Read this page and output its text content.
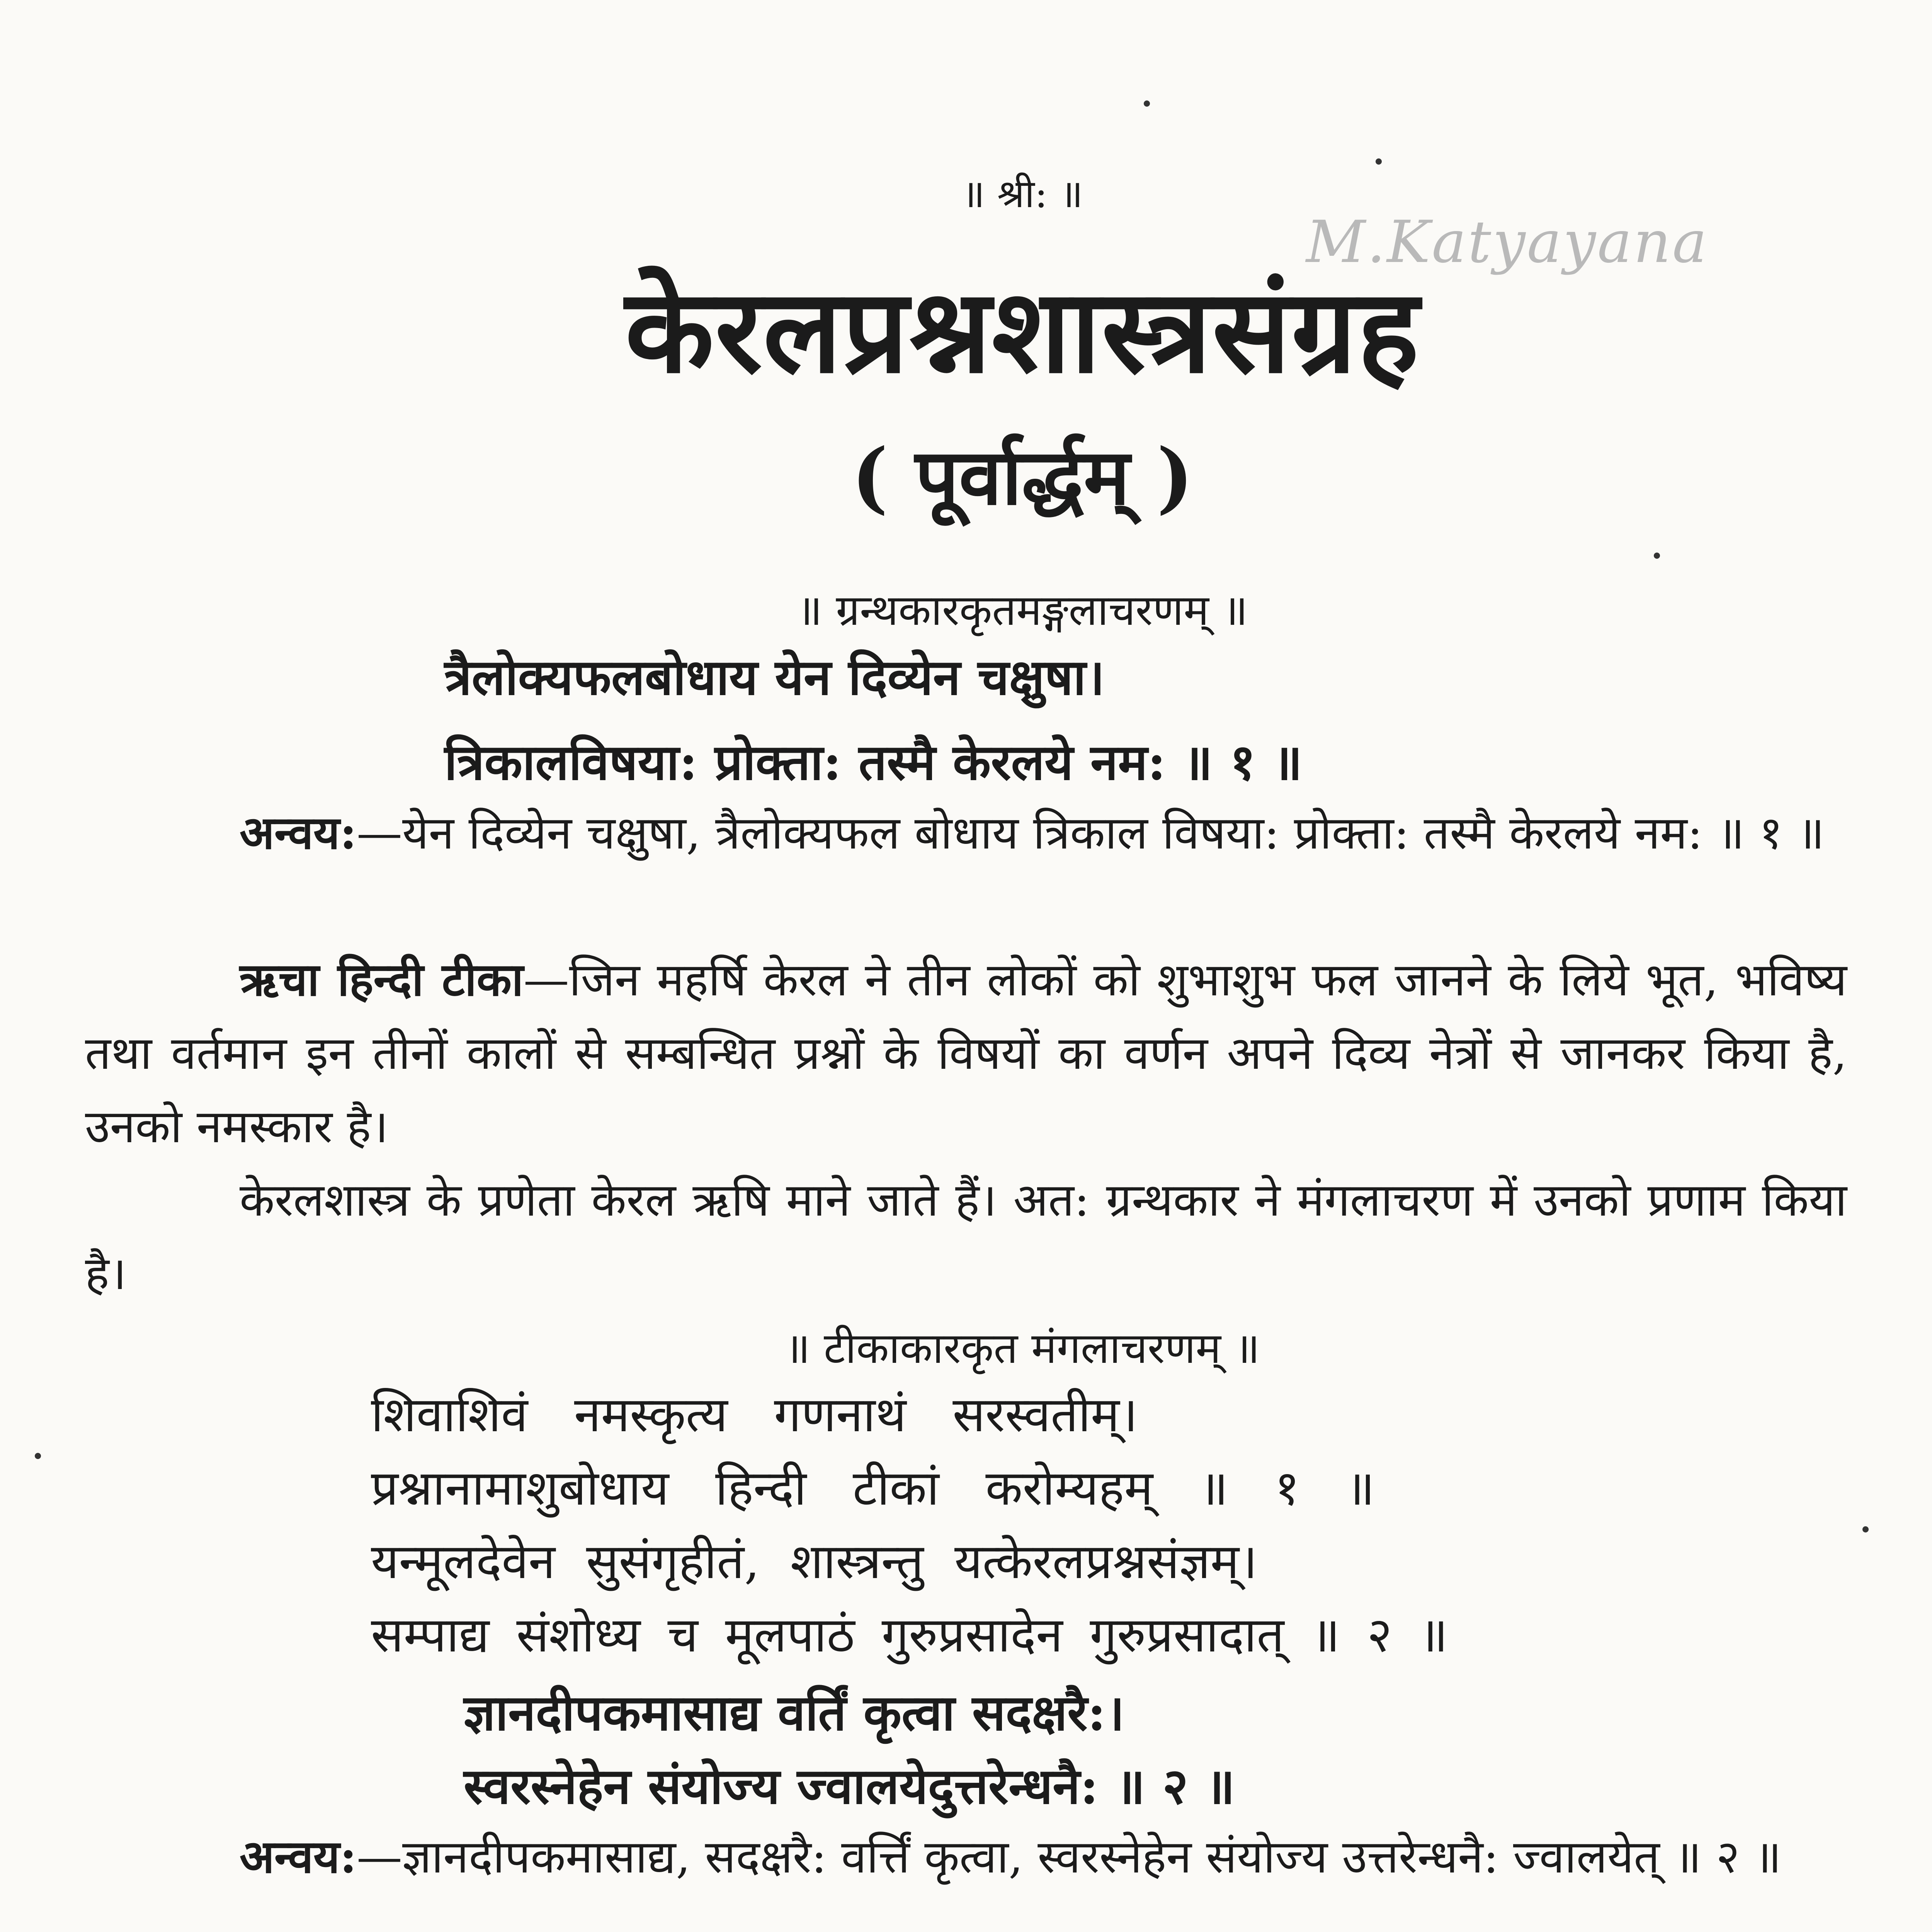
॥ श्री: ॥
M.Katyayana
केरलप्रश्नशास्त्रसंग्रह
( पूर्वार्द्धम् )
॥ ग्रन्थकारकृतमङ्गलाचरणम् ॥
त्रैलोक्यफलबोधाय येन दिव्येन चक्षुषा।
त्रिकालविषया: प्रोक्ता: तस्मै केरलये नम: ॥ १ ॥
अन्वय:—येन दिव्येन चक्षुषा, त्रैलोक्यफल बोधाय त्रिकाल विषया: प्रोक्ता: तस्मै केरलये नम: ॥ १ ॥
ऋचा हिन्दी टीका—जिन महर्षि केरल ने तीन लोकों को शुभाशुभ फल जानने के लिये भूत, भविष्य तथा वर्तमान इन तीनों कालों से सम्बन्धित प्रश्नों के विषयों का वर्णन अपने दिव्य नेत्रों से जानकर किया है, उनको नमस्कार है।
केरलशास्त्र के प्रणेता केरल ऋषि माने जाते हैं। अत: ग्रन्थकार ने मंगलाचरण में उनको प्रणाम किया है।
॥ टीकाकारकृत मंगलाचरणम् ॥
शिवाशिवं नमस्कृत्य गणनाथं सरस्वतीम्।
प्रश्नानामाशुबोधाय हिन्दी टीकां करोम्यहम् ॥ १ ॥
यन्मूलदेवेन सुसंगृहीतं, शास्त्रन्तु यत्केरलप्रश्नसंज्ञम्।
सम्पाद्य संशोध्य च मूलपाठं गुरुप्रसादेन गुरुप्रसादात् ॥ २ ॥
ज्ञानदीपकमासाद्य वर्तिं कृत्वा सदक्षरै:।
स्वरस्नेहेन संयोज्य ज्वालयेदुत्तरेन्धनै: ॥ २ ॥
अन्वय:—ज्ञानदीपकमासाद्य, सदक्षरै: वर्त्तिं कृत्वा, स्वरस्नेहेन संयोज्य उत्तरेन्धनै: ज्वालयेत् ॥ २ ॥
